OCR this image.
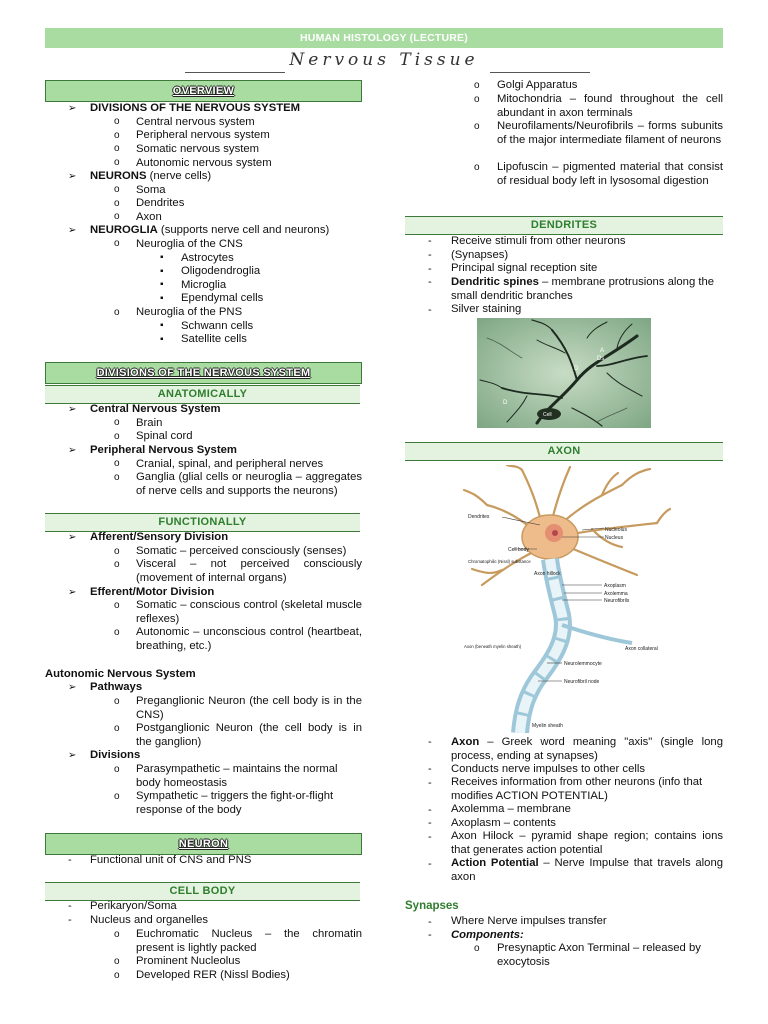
HUMAN HISTOLOGY (LECTURE)
Nervous Tissue
OVERVIEW
➢ DIVISIONS OF THE NERVOUS SYSTEM
o Central nervous system
o Peripheral nervous system
o Somatic nervous system
o Autonomic nervous system
➢ NEURONS (nerve cells)
o Soma
o Dendrites
o Axon
➢ NEUROGLIA (supports nerve cell and neurons)
o Neuroglia of the CNS
▪ Astrocytes
▪ Oligodendroglia
▪ Microglia
▪ Ependymal cells
o Neuroglia of the PNS
▪ Schwann cells
▪ Satellite cells
DIVISIONS OF THE NERVOUS SYSTEM
ANATOMICALLY
➢ Central Nervous System
o Brain
o Spinal cord
➢ Peripheral Nervous System
o Cranial, spinal, and peripheral nerves
o Ganglia (glial cells or neuroglia – aggregates of nerve cells and supports the neurons)
FUNCTIONALLY
➢ Afferent/Sensory Division
o Somatic – perceived consciously (senses)
o Visceral – not perceived consciously (movement of internal organs)
➢ Efferent/Motor Division
o Somatic – conscious control (skeletal muscle reflexes)
o Autonomic – unconscious control (heartbeat, breathing, etc.)
Autonomic Nervous System
➢ Pathways
o Preganglionic Neuron (the cell body is in the CNS)
o Postganglionic Neuron (the cell body is in the ganglion)
➢ Divisions
o Parasympathetic – maintains the normal body homeostasis
o Sympathetic – triggers the fight-or-flight response of the body
NEURON
- Functional unit of CNS and PNS
CELL BODY
- Perikaryon/Soma
- Nucleus and organelles
o Euchromatic Nucleus – the chromatin present is lightly packed
o Prominent Nucleolus
o Developed RER (Nissl Bodies)
o Golgi Apparatus
o Mitochondria – found throughout the cell abundant in axon terminals
o Neurofilaments/Neurofibrils – forms subunits of the major intermediate filament of neurons
o Lipofuscin – pigmented material that consist of residual body left in lysosomal digestion
DENDRITES
- Receive stimuli from other neurons
- (Synapses)
- Principal signal reception site
- Dendritic spines – membrane protrusions along the small dendritic branches
- Silver staining
A
Ds
D
D
Cell
AXON
Dendrites
Nucleolus
Nucleus
Cell body
Chromatophilic (Nissl) substance
Axon hillock
Axoplasm
Axolemma
Neurofibrils
Axon (beneath myelin sheath)	Axon collateral
Neurolemmocyte
Neurofibril node
Myelin sheath
- Axon – Greek word meaning "axis" (single long process, ending at synapses)
- Conducts nerve impulses to other cells
- Receives information from other neurons (info that modifies ACTION POTENTIAL)
- Axolemma – membrane
- Axoplasm – contents
- Axon Hilock – pyramid shape region; contains ions that generates action potential
- Action Potential – Nerve Impulse that travels along axon
Synapses
- Where Nerve impulses transfer
- Components:
o Presynaptic Axon Terminal – released by exocytosis
